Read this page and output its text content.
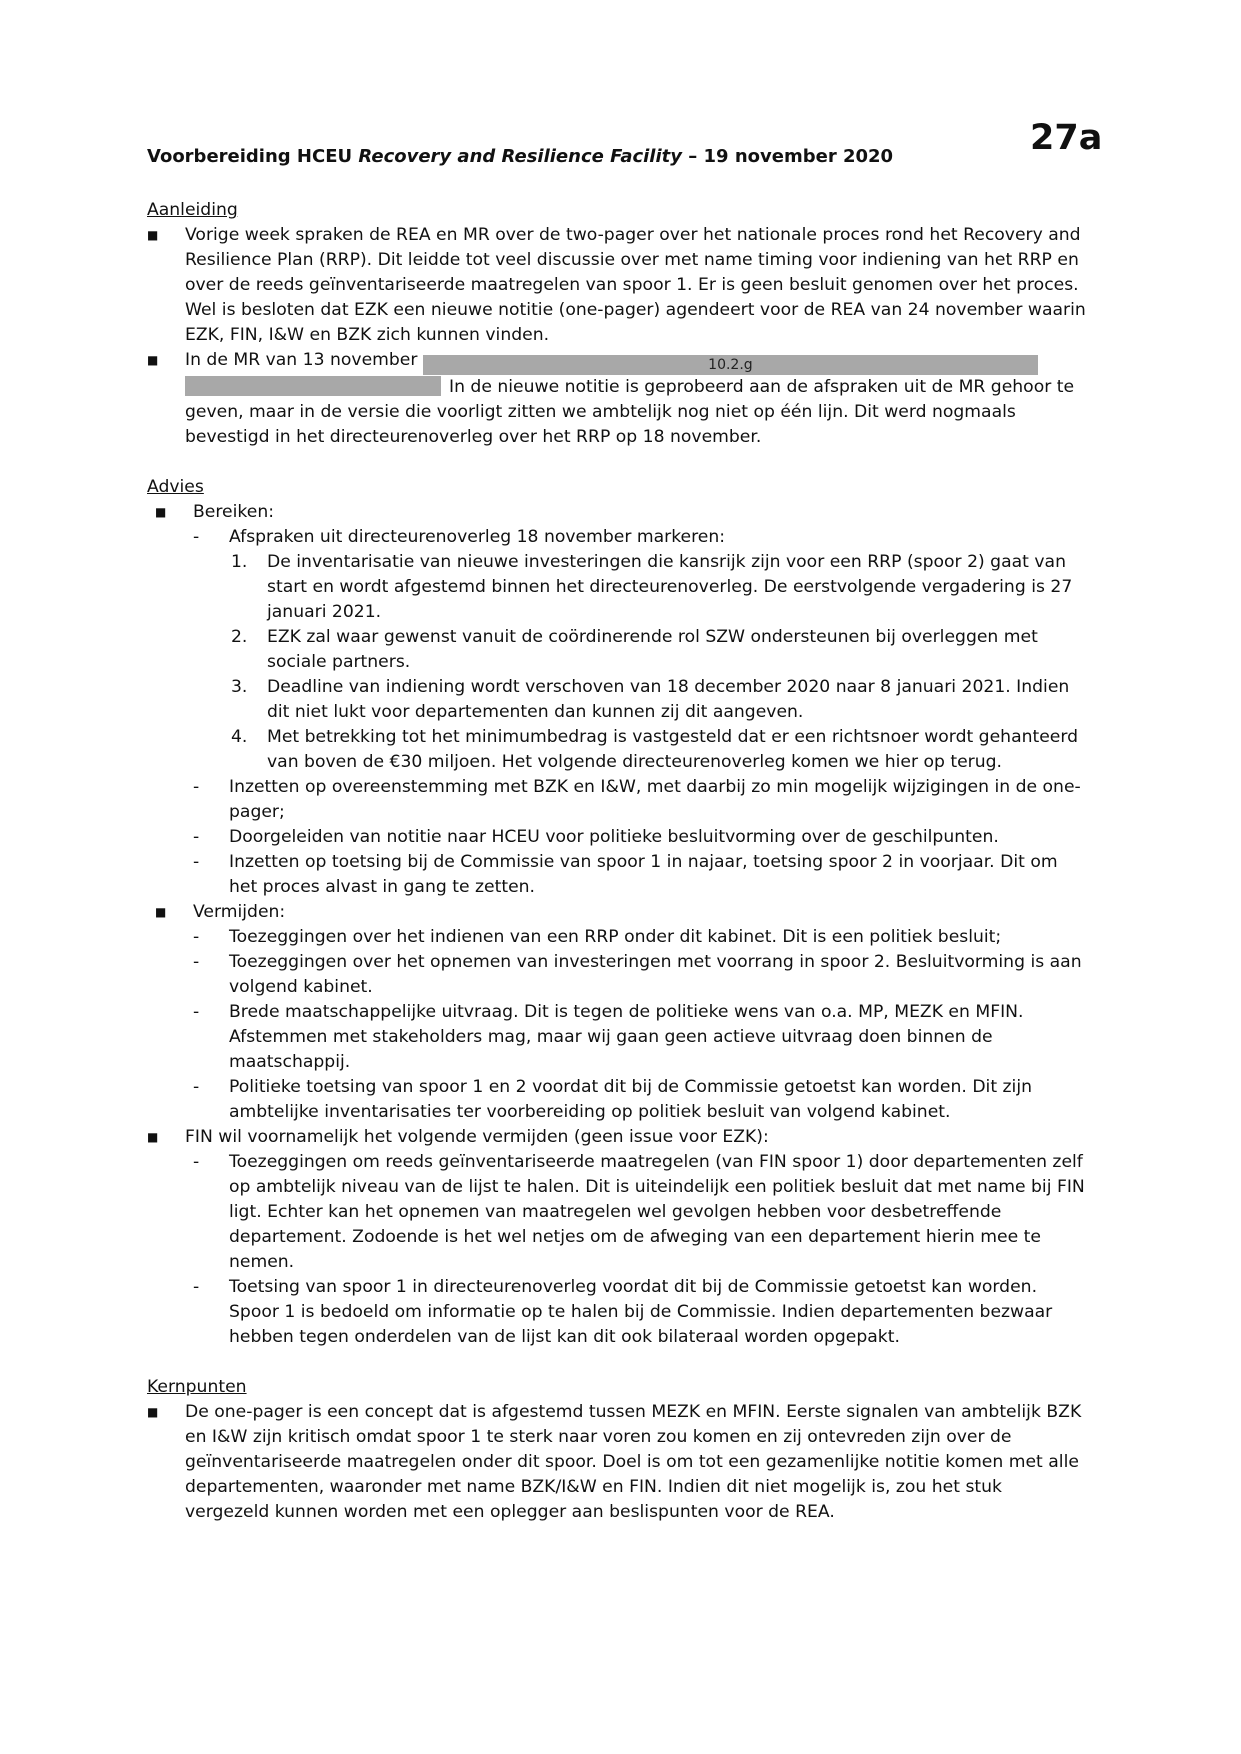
27a
Voorbereiding HCEU Recovery and Resilience Facility – 19 november 2020

Aanleiding

■ Vorige week spraken de REA en MR over de two-pager over het nationale proces rond het Recovery and Resilience Plan (RRP). Dit leidde tot veel discussie over met name timing voor indiening van het RRP en over de reeds geïnventariseerde maatregelen van spoor 1. Er is geen besluit genomen over het proces. Wel is besloten dat EZK een nieuwe notitie (one-pager) agendeert voor de REA van 24 november waarin EZK, FIN, I&W en BZK zich kunnen vinden.
■ In de MR van 13 november	10.2.g
In de nieuwe notitie is geprobeerd aan de afspraken uit de MR gehoor te geven, maar in de versie die voorligt zitten we ambtelijk nog niet op één lijn. Dit werd nogmaals bevestigd in het directeurenoverleg over het RRP op 18 november.

Advies

■ Bereiken:
- Afspraken uit directeurenoverleg 18 november markeren:
1. De inventarisatie van nieuwe investeringen die kansrijk zijn voor een RRP (spoor 2) gaat van start en wordt afgestemd binnen het directeurenoverleg. De eerstvolgende vergadering is 27 januari 2021.
2. EZK zal waar gewenst vanuit de coördinerende rol SZW ondersteunen bij overleggen met sociale partners.
3. Deadline van indiening wordt verschoven van 18 december 2020 naar 8 januari 2021. Indien dit niet lukt voor departementen dan kunnen zij dit aangeven.
4. Met betrekking tot het minimumbedrag is vastgesteld dat er een richtsnoer wordt gehanteerd van boven de €30 miljoen. Het volgende directeurenoverleg komen we hier op terug.
- Inzetten op overeenstemming met BZK en I&W, met daarbij zo min mogelijk wijzigingen in de one-pager;
- Doorgeleiden van notitie naar HCEU voor politieke besluitvorming over de geschilpunten.
- Inzetten op toetsing bij de Commissie van spoor 1 in najaar, toetsing spoor 2 in voorjaar. Dit om het proces alvast in gang te zetten.
■ Vermijden:
- Toezeggingen over het indienen van een RRP onder dit kabinet. Dit is een politiek besluit;
- Toezeggingen over het opnemen van investeringen met voorrang in spoor 2. Besluitvorming is aan volgend kabinet.
- Brede maatschappelijke uitvraag. Dit is tegen de politieke wens van o.a. MP, MEZK en MFIN. Afstemmen met stakeholders mag, maar wij gaan geen actieve uitvraag doen binnen de maatschappij.
- Politieke toetsing van spoor 1 en 2 voordat dit bij de Commissie getoetst kan worden. Dit zijn ambtelijke inventarisaties ter voorbereiding op politiek besluit van volgend kabinet.
■ FIN wil voornamelijk het volgende vermijden (geen issue voor EZK):
- Toezeggingen om reeds geïnventariseerde maatregelen (van FIN spoor 1) door departementen zelf op ambtelijk niveau van de lijst te halen. Dit is uiteindelijk een politiek besluit dat met name bij FIN ligt. Echter kan het opnemen van maatregelen wel gevolgen hebben voor desbetreffende departement. Zodoende is het wel netjes om de afweging van een departement hierin mee te nemen.
- Toetsing van spoor 1 in directeurenoverleg voordat dit bij de Commissie getoetst kan worden. Spoor 1 is bedoeld om informatie op te halen bij de Commissie. Indien departementen bezwaar hebben tegen onderdelen van de lijst kan dit ook bilateraal worden opgepakt.

Kernpunten

■ De one-pager is een concept dat is afgestemd tussen MEZK en MFIN. Eerste signalen van ambtelijk BZK en I&W zijn kritisch omdat spoor 1 te sterk naar voren zou komen en zij ontevreden zijn over de geïnventariseerde maatregelen onder dit spoor. Doel is om tot een gezamenlijke notitie komen met alle departementen, waaronder met name BZK/I&W en FIN. Indien dit niet mogelijk is, zou het stuk vergezeld kunnen worden met een oplegger aan beslispunten voor de REA.
